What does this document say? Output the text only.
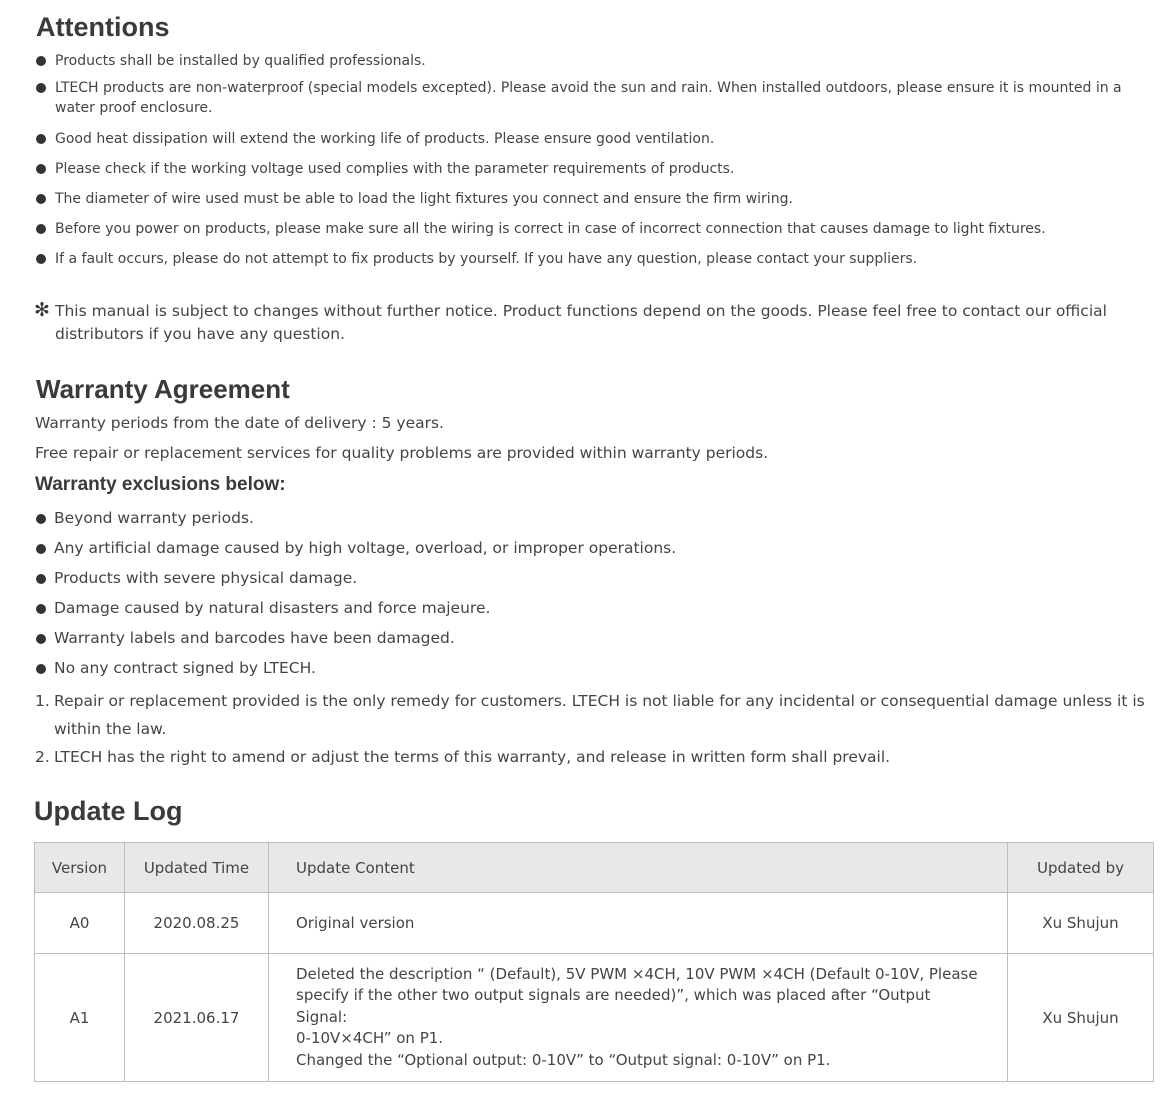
Attentions
Products shall be installed by qualified professionals.
LTECH products are non-waterproof (special models excepted). Please avoid the sun and rain. When installed outdoors, please ensure it is mounted in a water proof enclosure.
Good heat dissipation will extend the working life of products. Please ensure good ventilation.
Please check if the working voltage used complies with the parameter requirements of products.
The diameter of wire used must be able to load the light fixtures you connect and ensure the firm wiring.
Before you power on products, please make sure all the wiring is correct in case of incorrect connection that causes damage to light fixtures.
If a fault occurs, please do not attempt to fix products by yourself. If you have any question, please contact your suppliers.
✻ This manual is subject to changes without further notice. Product functions depend on the goods. Please feel free to contact our official distributors if you have any question.
Warranty Agreement
Warranty periods from the date of delivery : 5 years.
Free repair or replacement services for quality problems are provided within warranty periods.
Warranty exclusions below:
Beyond warranty periods.
Any artificial damage caused by high voltage, overload, or improper operations.
Products with severe physical damage.
Damage caused by natural disasters and force majeure.
Warranty labels and barcodes have been damaged.
No any contract signed by LTECH.
1. Repair or replacement provided is the only remedy for customers. LTECH is not liable for any incidental or consequential damage unless it is within the law.
2. LTECH has the right to amend or adjust the terms of this warranty, and release in written form shall prevail.
Update Log
Version	Updated Time	Update Content	Updated by
A0	2020.08.25	Original version	Xu Shujun
A1	2021.06.17	Deleted the description “ (Default), 5V PWM ×4CH, 10V PWM ×4CH (Default 0-10V, Please
specify if the other two output signals are needed)”, which was placed after “Output Signal:
0-10V×4CH” on P1.
Changed the “Optional output: 0-10V” to “Output signal: 0-10V” on P1.	Xu Shujun
